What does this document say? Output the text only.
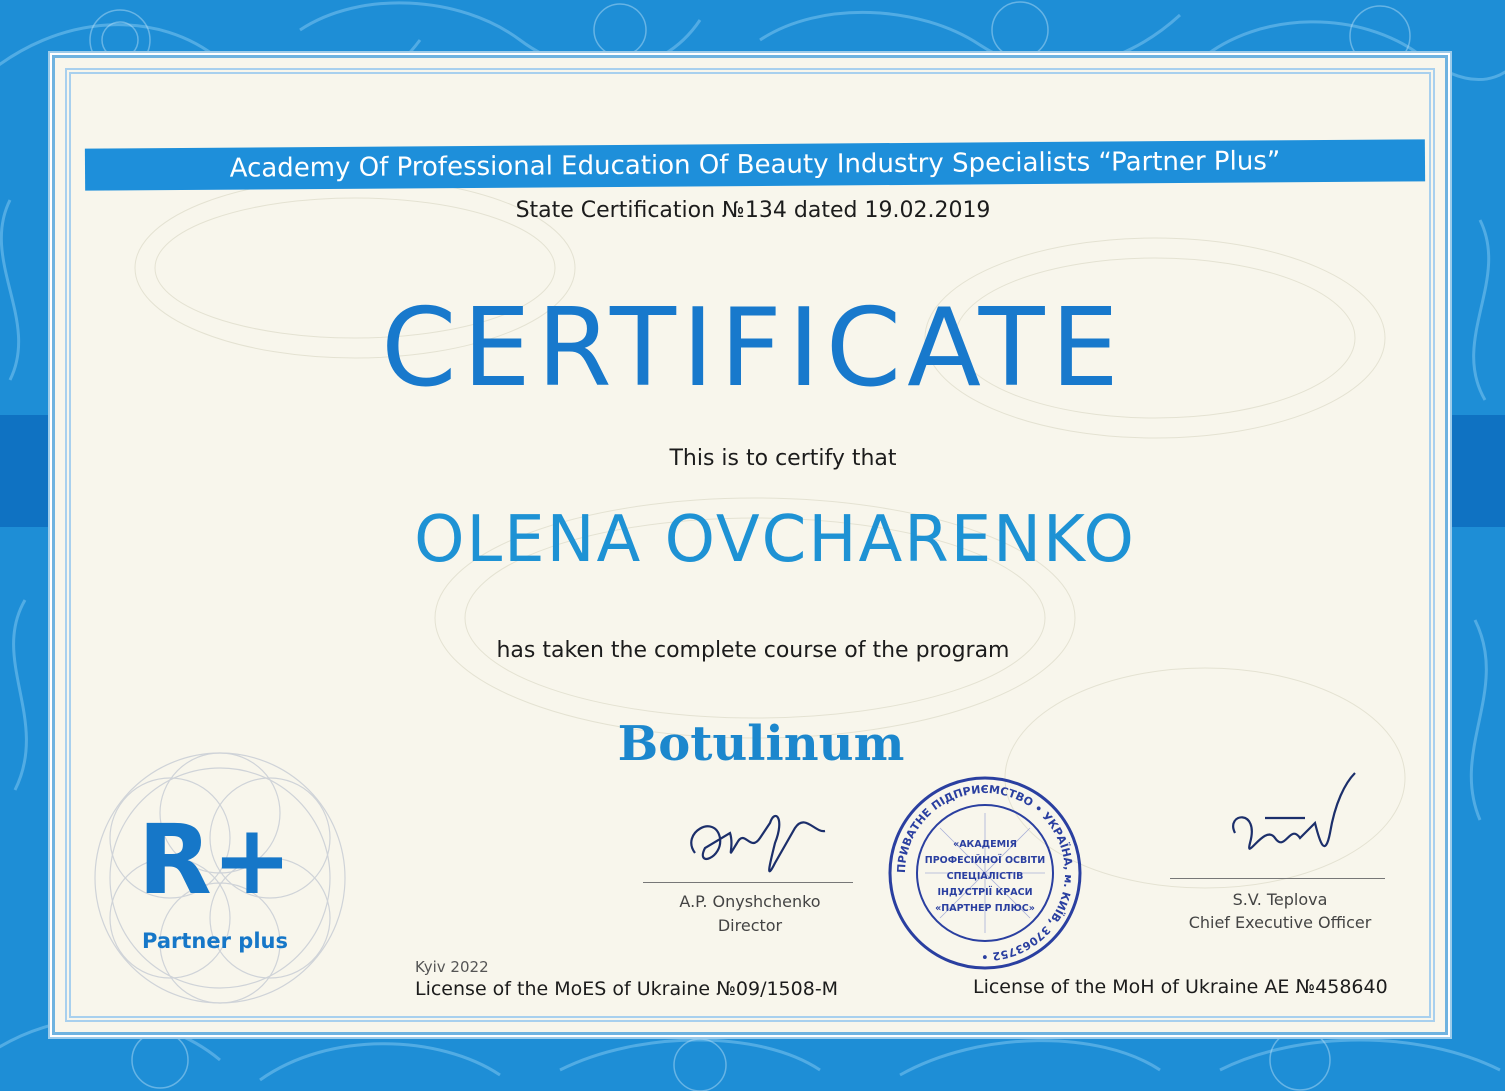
Academy Of Professional Education Of Beauty Industry Specialists “Partner Plus”
State Certification №134 dated 19.02.2019
CERTIFICATE
This is to certify that
OLENA OVCHARENKO
has taken the complete course of the program
Botulinum
R+
Partner plus
A.P. Onyshchenko
Director
ПРИВАТНЕ ПІДПРИЄМСТВО • УКРАЇНА, м. КИЇВ, 37063752 •
«АКАДЕМІЯ
ПРОФЕСІЙНОЇ ОСВІТИ
СПЕЦІАЛІСТІВ
ІНДУСТРІЇ КРАСИ
«ПАРТНЕР ПЛЮС»	S.V. Teplova
Chief Executive Officer
Kyiv 2022
License of the MoES of Ukraine №09/1508-M	License of the MoH of Ukraine AE №458640
